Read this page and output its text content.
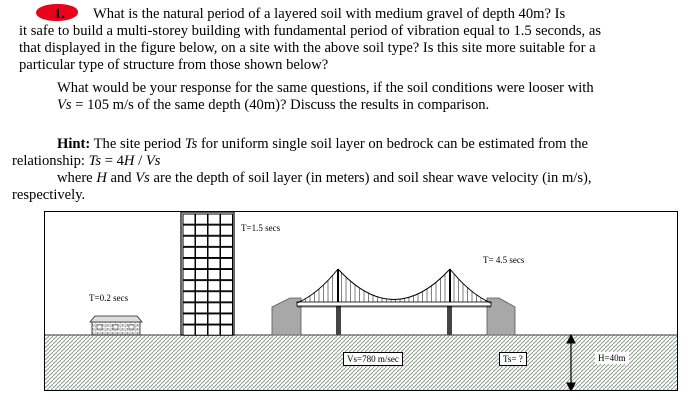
1. What is the natural period of a layered soil with medium gravel of depth 40m? Is
it safe to build a multi-storey building with fundamental period of vibration equal to 1.5 seconds, as
that displayed in the figure below, on a site with the above soil type? Is this site more suitable for a
particular type of structure from those shown below?
What would be your response for the same questions, if the soil conditions were looser with
Vs = 105 m/s of the same depth (40m)? Discuss the results in comparison.
Hint: The site period Ts for uniform single soil layer on bedrock can be estimated from the
relationship: Ts = 4H / Vs
where H and Vs are the depth of soil layer (in meters) and soil shear wave velocity (in m/s),
respectively.
T=1.5 secs
T= 4.5 secs
T=0.2 secs
Vs=780 m/sec	Ts= ?	H=40m
